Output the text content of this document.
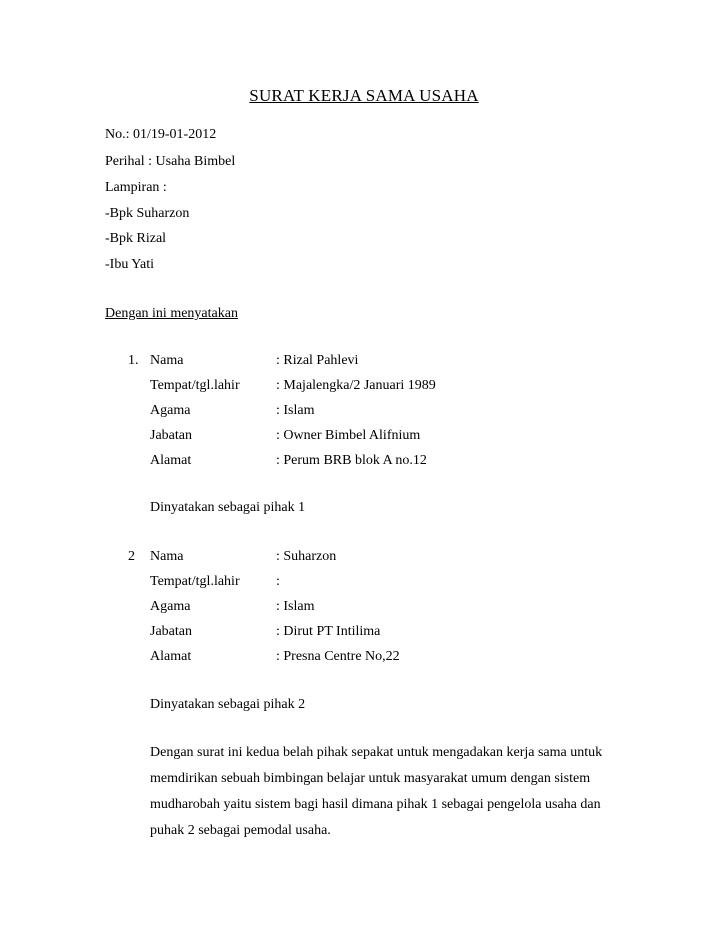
SURAT KERJA SAMA USAHA
No.: 01/19-01-2012
Perihal : Usaha Bimbel
Lampiran :
-Bpk Suharzon
-Bpk Rizal
-Ibu Yati
Dengan ini menyatakan
1. Nama	: Rizal Pahlevi
Tempat/tgl.lahir	: Majalengka/2 Januari 1989
Agama	: Islam
Jabatan	: Owner Bimbel Alifnium
Alamat	: Perum BRB blok A no.12
Dinyatakan sebagai pihak 1
2 Nama	: Suharzon
Tempat/tgl.lahir	:
Agama	: Islam
Jabatan	: Dirut PT Intilima
Alamat	: Presna Centre No,22
Dinyatakan sebagai pihak 2
Dengan surat ini kedua belah pihak sepakat untuk mengadakan kerja sama untuk
memdirikan sebuah bimbingan belajar untuk masyarakat umum dengan sistem
mudharobah yaitu sistem bagi hasil dimana pihak 1 sebagai pengelola usaha dan
puhak 2 sebagai pemodal usaha.
